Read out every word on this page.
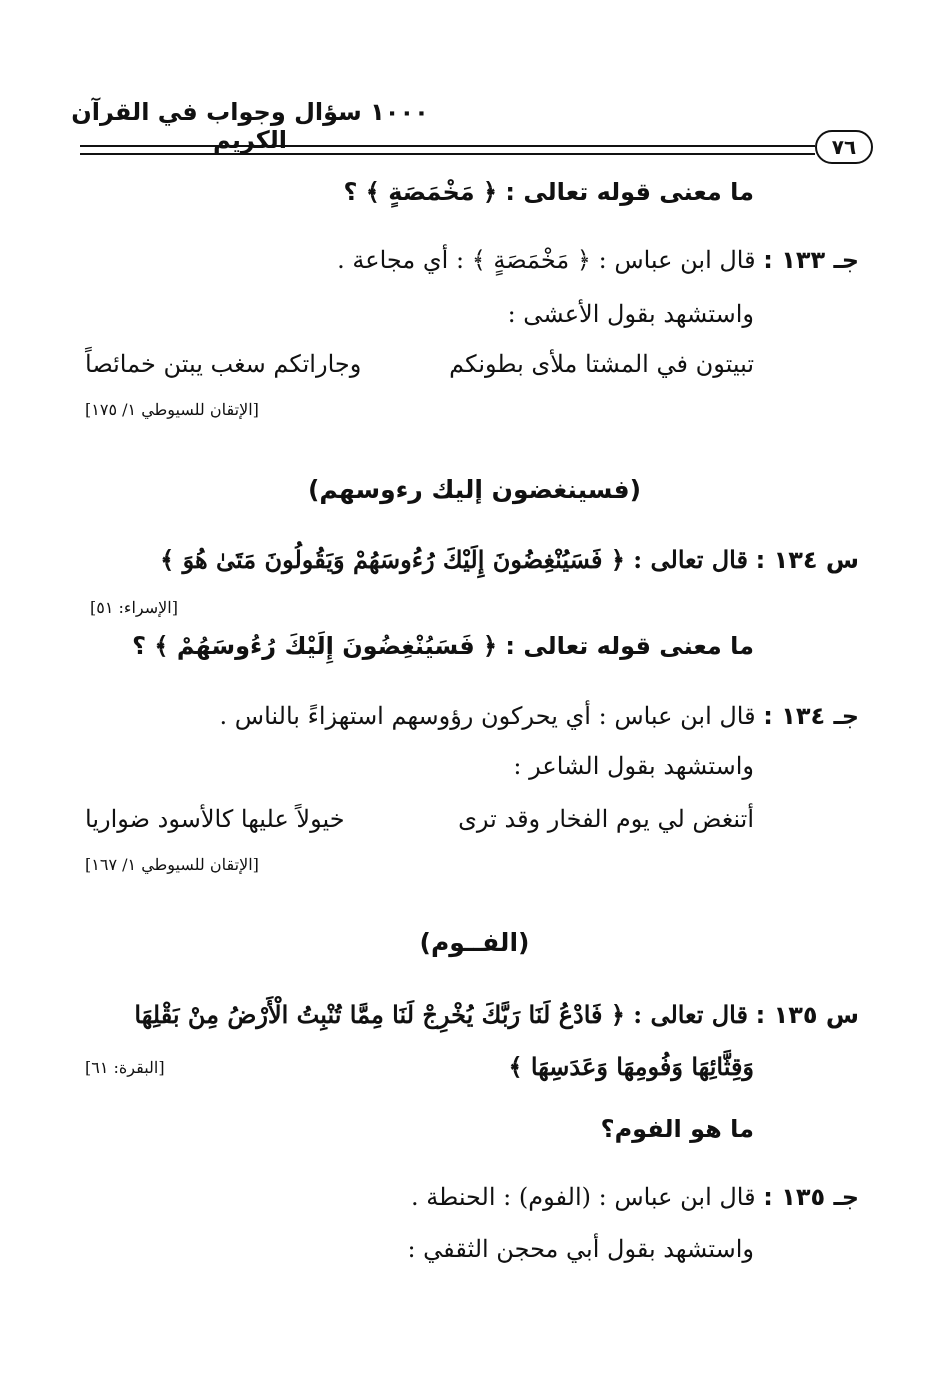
١٠٠٠ سؤال وجواب في القرآن الكريم	٧٦
ما معنى قوله تعالى : ﴿ مَخْمَصَةٍ ﴾ ؟
جـ ١٣٣ : قال ابن عباس : ﴿ مَخْمَصَةٍ ﴾ : أي مجاعة .
واستشهد بقول الأعشى :
تبيتون في المشتا ملأى بطونكم
وجاراتكم سغب يبتن خمائصاً
[الإتقان للسيوطي ١/ ١٧٥]
(فسينغضون إليك رءوسهم)
س ١٣٤ : قال تعالى : ﴿ فَسَيُنْغِضُونَ إِلَيْكَ رُءُوسَهُمْ وَيَقُولُونَ مَتَىٰ هُوَ ﴾
[الإسراء: ٥١]
ما معنى قوله تعالى : ﴿ فَسَيُنْغِضُونَ إِلَيْكَ رُءُوسَهُمْ ﴾ ؟
جـ ١٣٤ : قال ابن عباس : أي يحركون رؤوسهم استهزاءً بالناس .
واستشهد بقول الشاعر :
أتنغض لي يوم الفخار وقد ترى
خيولاً عليها كالأسود ضواريا
[الإتقان للسيوطي ١/ ١٦٧]
(الفــوم)
س ١٣٥ : قال تعالى : ﴿ فَادْعُ لَنَا رَبَّكَ يُخْرِجْ لَنَا مِمَّا تُنْبِتُ الْأَرْضُ مِنْ بَقْلِهَا
وَقِثَّائِهَا وَفُومِهَا وَعَدَسِهَا ﴾
[البقرة: ٦١]
ما هو الفوم؟
جـ ١٣٥ : قال ابن عباس : (الفوم) : الحنطة .
واستشهد بقول أبي محجن الثقفي :
